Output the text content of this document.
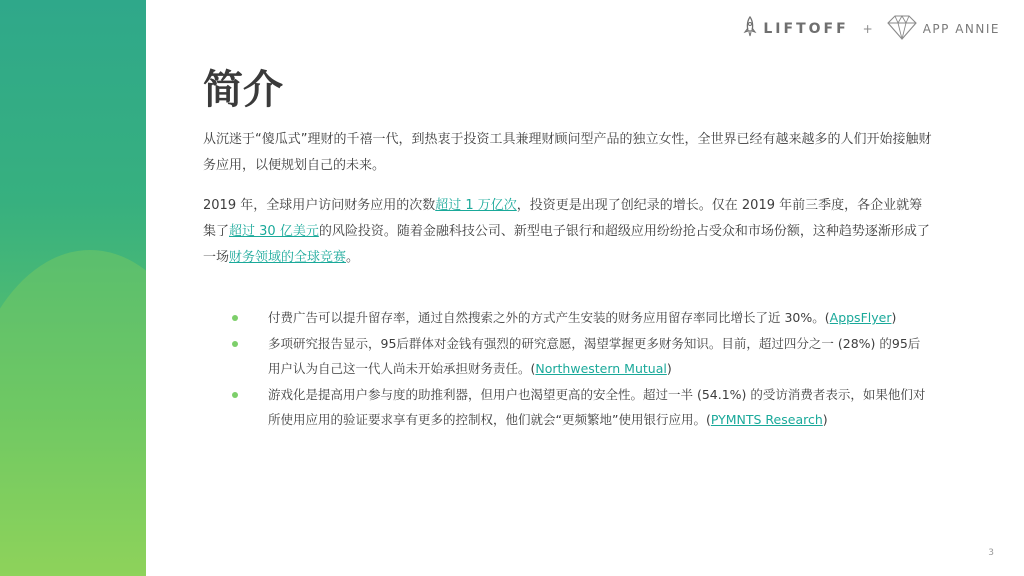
LIFTOFF +	APP ANNIE
简介

从沉迷于“傻瓜式”理财的千禧一代，到热衷于投资工具兼理财顾问型产品的独立女性，全世界已经有越来越多的人们开始接触财务应用，以便规划自己的未来。

2019 年，全球用户访问财务应用的次数超过 1 万亿次，投资更是出现了创纪录的增长。仅在 2019 年前三季度，各企业就筹集了超过 30 亿美元的风险投资。随着金融科技公司、新型电子银行和超级应用纷纷抢占受众和市场份额，这种趋势逐渐形成了一场财务领域的全球竞赛。

付费广告可以提升留存率，通过自然搜索之外的方式产生安装的财务应用留存率同比增长了近 30%。(AppsFlyer)
多项研究报告显示，95后群体对金钱有强烈的研究意愿，渴望掌握更多财务知识。目前，超过四分之一 (28%) 的95后用户认为自己这一代人尚未开始承担财务责任。(Northwestern Mutual)
游戏化是提高用户参与度的助推利器，但用户也渴望更高的安全性。超过一半 (54.1%) 的受访消费者表示，如果他们对所使用应用的验证要求享有更多的控制权，他们就会“更频繁地”使用银行应用。(PYMNTS Research)
3
